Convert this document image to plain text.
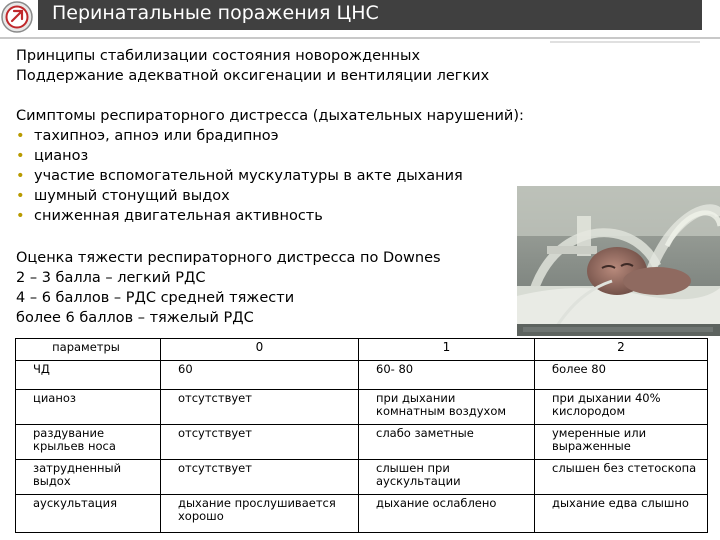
Перинатальные поражения ЦНС
Принципы стабилизации состояния новорожденных
Поддержание адекватной оксигенации и вентиляции легких
Симптомы респираторного дистресса (дыхательных нарушений):
• тахипноэ, апноэ или брадипноэ
• цианоз
• участие вспомогательной мускулатуры в акте дыхания
• шумный стонущий выдох
• сниженная двигательная активность
Оценка тяжести респираторного дистресса по Downes
2 – 3 балла – легкий РДС
4 – 6 баллов – РДС средней тяжести
более 6 баллов – тяжелый РДС
параметры	0	1	2
ЧД	60	60- 80	более 80
цианоз	отсутствует	при дыхании комнатным воздухом	при дыхании 40% кислородом
раздувание крыльев носа	отсутствует	слабо заметные	умеренные или выраженные
затрудненный выдох	отсутствует	слышен при аускультации	слышен без стетоскопа
аускультация	дыхание прослушивается хорошо	дыхание ослаблено	дыхание едва слышно
